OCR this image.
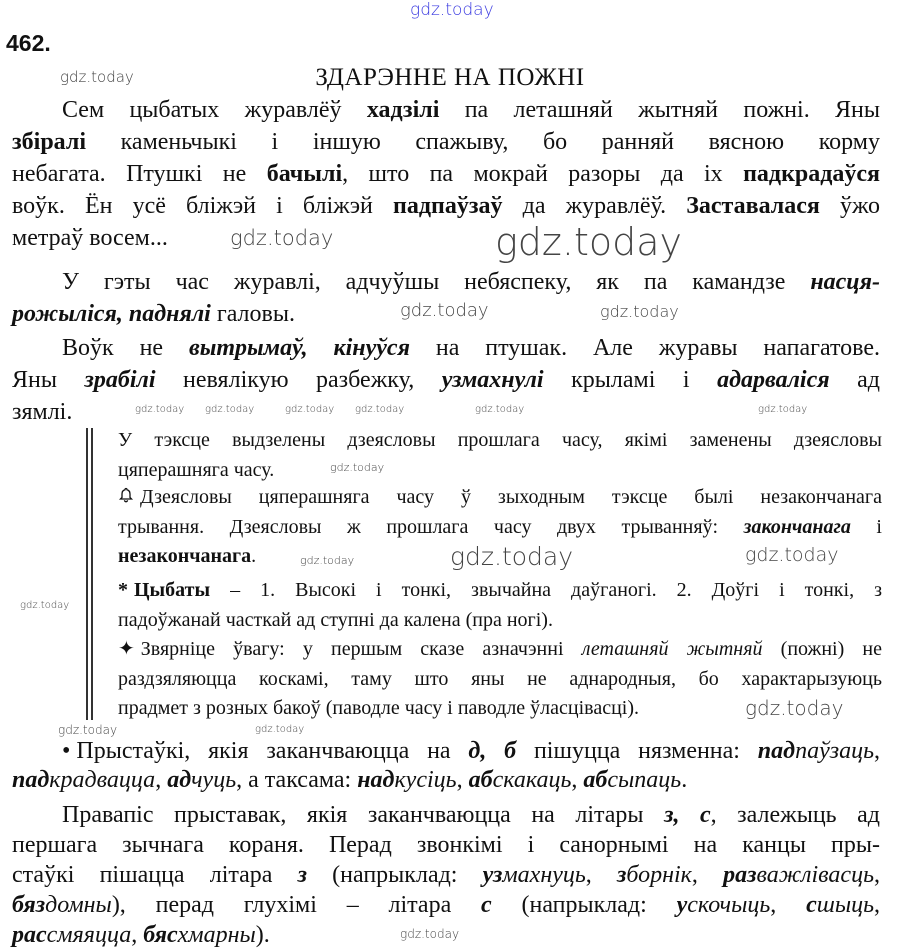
462.
ЗДАРЭННЕ НА ПОЖНІ
Сем цыбатых журавлёў хадзілі па леташняй жытняй пожні. Яны
збіралі каменьчыкі і іншую спажыву, бо ранняй вясною корму
небагата. Птушкі не бачылі, што па мокрай разоры да іх падкрадаўся
воўк. Ён усё бліжэй і бліжэй падпаўзаў да журавлёў. Заставалася ўжо
метраў восем...
У гэты час журавлі, адчуўшы небяспеку, як па камандзе насця-
рожыліся, паднялі галовы.
Воўк не вытрымаў, кінуўся на птушак. Але журавы напагатове.
Яны зрабілі невялікую разбежку, узмахнулі крыламі і адарваліся ад
зямлі.
У тэксце выдзелены дзеясловы прошлага часу, якімі заменены дзеясловы
цяперашняга часу.
Дзеясловы цяперашняга часу ў зыходным тэксце былі незакончанага
трывання. Дзеясловы ж прошлага часу двух трыванняў: закончанага і
незакончанага.
* Цыбаты – 1. Высокі і тонкі, звычайна даўганогі. 2. Доўгі і тонкі, з
падоўжанай часткай ад ступні да калена (пра ногі).
✦ Звярніце ўвагу: у першым сказе азначэнні леташняй жытняй (пожні) не
раздзяляюцца коскамі, таму што яны не аднародныя, бо характарызуюць
прадмет з розных бакоў (паводле часу і паводле ўласцівасці).
• Прыстаўкі, якія заканчваюцца на д, б пішуцца нязменна: падпаўзаць,
падкрадвацца, адчуць, а таксама: надкусіць, абскакаць, абсыпаць.
Правапіс прыставак, якія заканчваюцца на літары з, с, залежыць ад
першага зычнага кораня. Перад звонкімі і санорнымі на канцы пры-
стаўкі пішацца літара з (напрыклад: узмахнуць, зборнік, разважлівасць,
бяздомны), перад глухімі – літара с (напрыклад: ускочыць, сшыць,
рассмяяцца, бясхмарны).
gdz.today
gdz.today
gdz.today	gdz.today
gdz.today
gdz.today	gdz.today
gdz.today
gdz.today
gdz.today
gdz.today
gdz.today
gdz.today
gdz.today
gdz.today
gdz.today gdz.today	gdz.today gdz.today	gdz.today	gdz.today
